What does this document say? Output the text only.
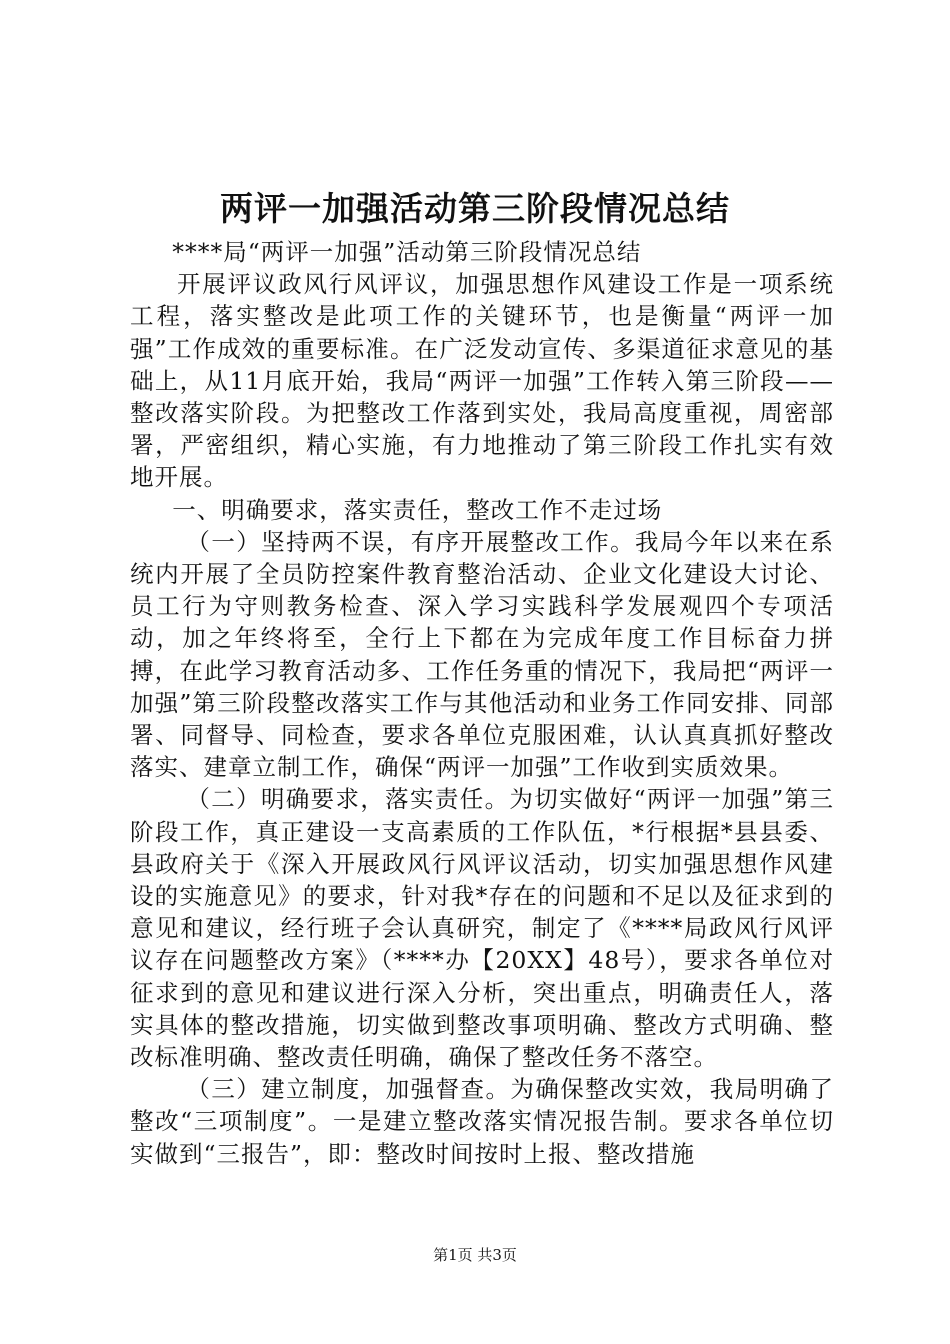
两评一加强活动第三阶段情况总结

****局“两评一加强”活动第三阶段情况总结

开展评议政风行风评议，加强思想作风建设工作是一项系统工程，落实整改是此项工作的关键环节，也是衡量“两评一加强”工作成效的重要标准。在广泛发动宣传、多渠道征求意见的基础上，从11月底开始，我局“两评一加强”工作转入第三阶段——整改落实阶段。为把整改工作落到实处，我局高度重视，周密部署，严密组织，精心实施，有力地推动了第三阶段工作扎实有效地开展。

一、明确要求，落实责任，整改工作不走过场

（一）坚持两不误，有序开展整改工作。我局今年以来在系统内开展了全员防控案件教育整治活动、企业文化建设大讨论、员工行为守则教务检查、深入学习实践科学发展观四个专项活动，加之年终将至，全行上下都在为完成年度工作目标奋力拼搏，在此学习教育活动多、工作任务重的情况下，我局把“两评一加强”第三阶段整改落实工作与其他活动和业务工作同安排、同部署、同督导、同检查，要求各单位克服困难，认认真真抓好整改落实、建章立制工作，确保“两评一加强”工作收到实质效果。

（二）明确要求，落实责任。为切实做好“两评一加强”第三阶段工作，真正建设一支高素质的工作队伍，*行根据*县县委、县政府关于《深入开展政风行风评议活动，切实加强思想作风建设的实施意见》的要求，针对我*存在的问题和不足以及征求到的意见和建议，经行班子会认真研究，制定了《****局政风行风评议存在问题整改方案》（****办【20XX】48号），要求各单位对征求到的意见和建议进行深入分析，突出重点，明确责任人，落实具体的整改措施，切实做到整改事项明确、整改方式明确、整改标准明确、整改责任明确，确保了整改任务不落空。

（三）建立制度，加强督查。为确保整改实效，我局明确了整改“三项制度”。一是建立整改落实情况报告制。要求各单位切实做到“三报告”，即：整改时间按时上报、整改措施

第1页 共3页
